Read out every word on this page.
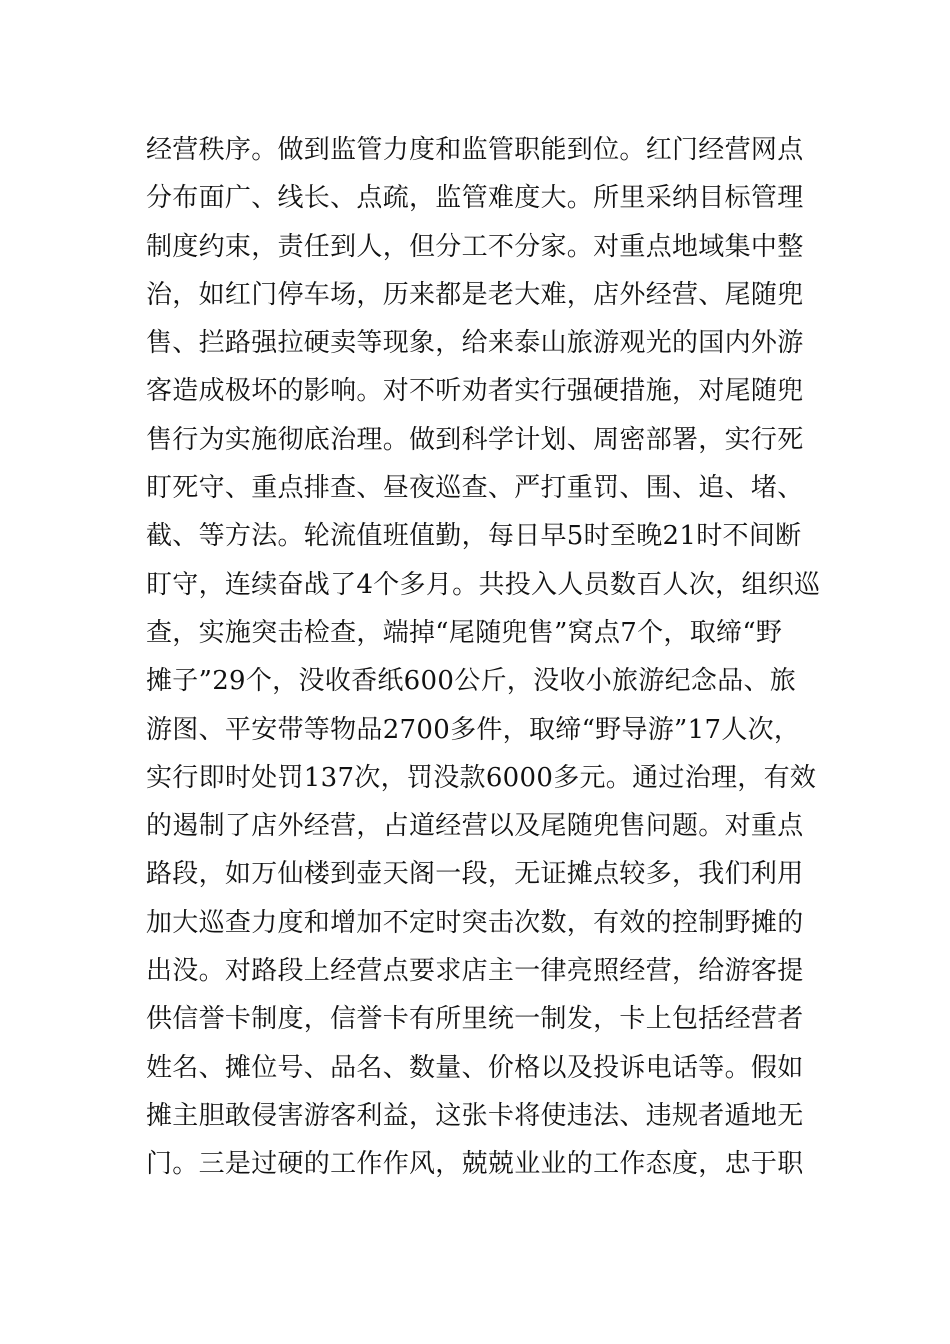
经营秩序。做到监管力度和监管职能到位。红门经营网点
分布面广、线长、点疏，监管难度大。所里采纳目标管理
制度约束，责任到人，但分工不分家。对重点地域集中整
治，如红门停车场，历来都是老大难，店外经营、尾随兜
售、拦路强拉硬卖等现象，给来泰山旅游观光的国内外游
客造成极坏的影响。对不听劝者实行强硬措施，对尾随兜
售行为实施彻底治理。做到科学计划、周密部署，实行死
盯死守、重点排查、昼夜巡查、严打重罚、围、追、堵、
截、等方法。轮流值班值勤，每日早5时至晚21时不间断
盯守，连续奋战了4个多月。共投入人员数百人次，组织巡
查，实施突击检查，端掉“尾随兜售”窝点7个，取缔“野
摊子”29个，没收香纸600公斤，没收小旅游纪念品、旅
游图、平安带等物品2700多件，取缔“野导游”17人次，
实行即时处罚137次，罚没款6000多元。通过治理，有效
的遏制了店外经营，占道经营以及尾随兜售问题。对重点
路段，如万仙楼到壶天阁一段，无证摊点较多，我们利用
加大巡查力度和增加不定时突击次数，有效的控制野摊的
出没。对路段上经营点要求店主一律亮照经营，给游客提
供信誉卡制度，信誉卡有所里统一制发，卡上包括经营者
姓名、摊位号、品名、数量、价格以及投诉电话等。假如
摊主胆敢侵害游客利益，这张卡将使违法、违规者遁地无
门。三是过硬的工作作风，兢兢业业的工作态度，忠于职
